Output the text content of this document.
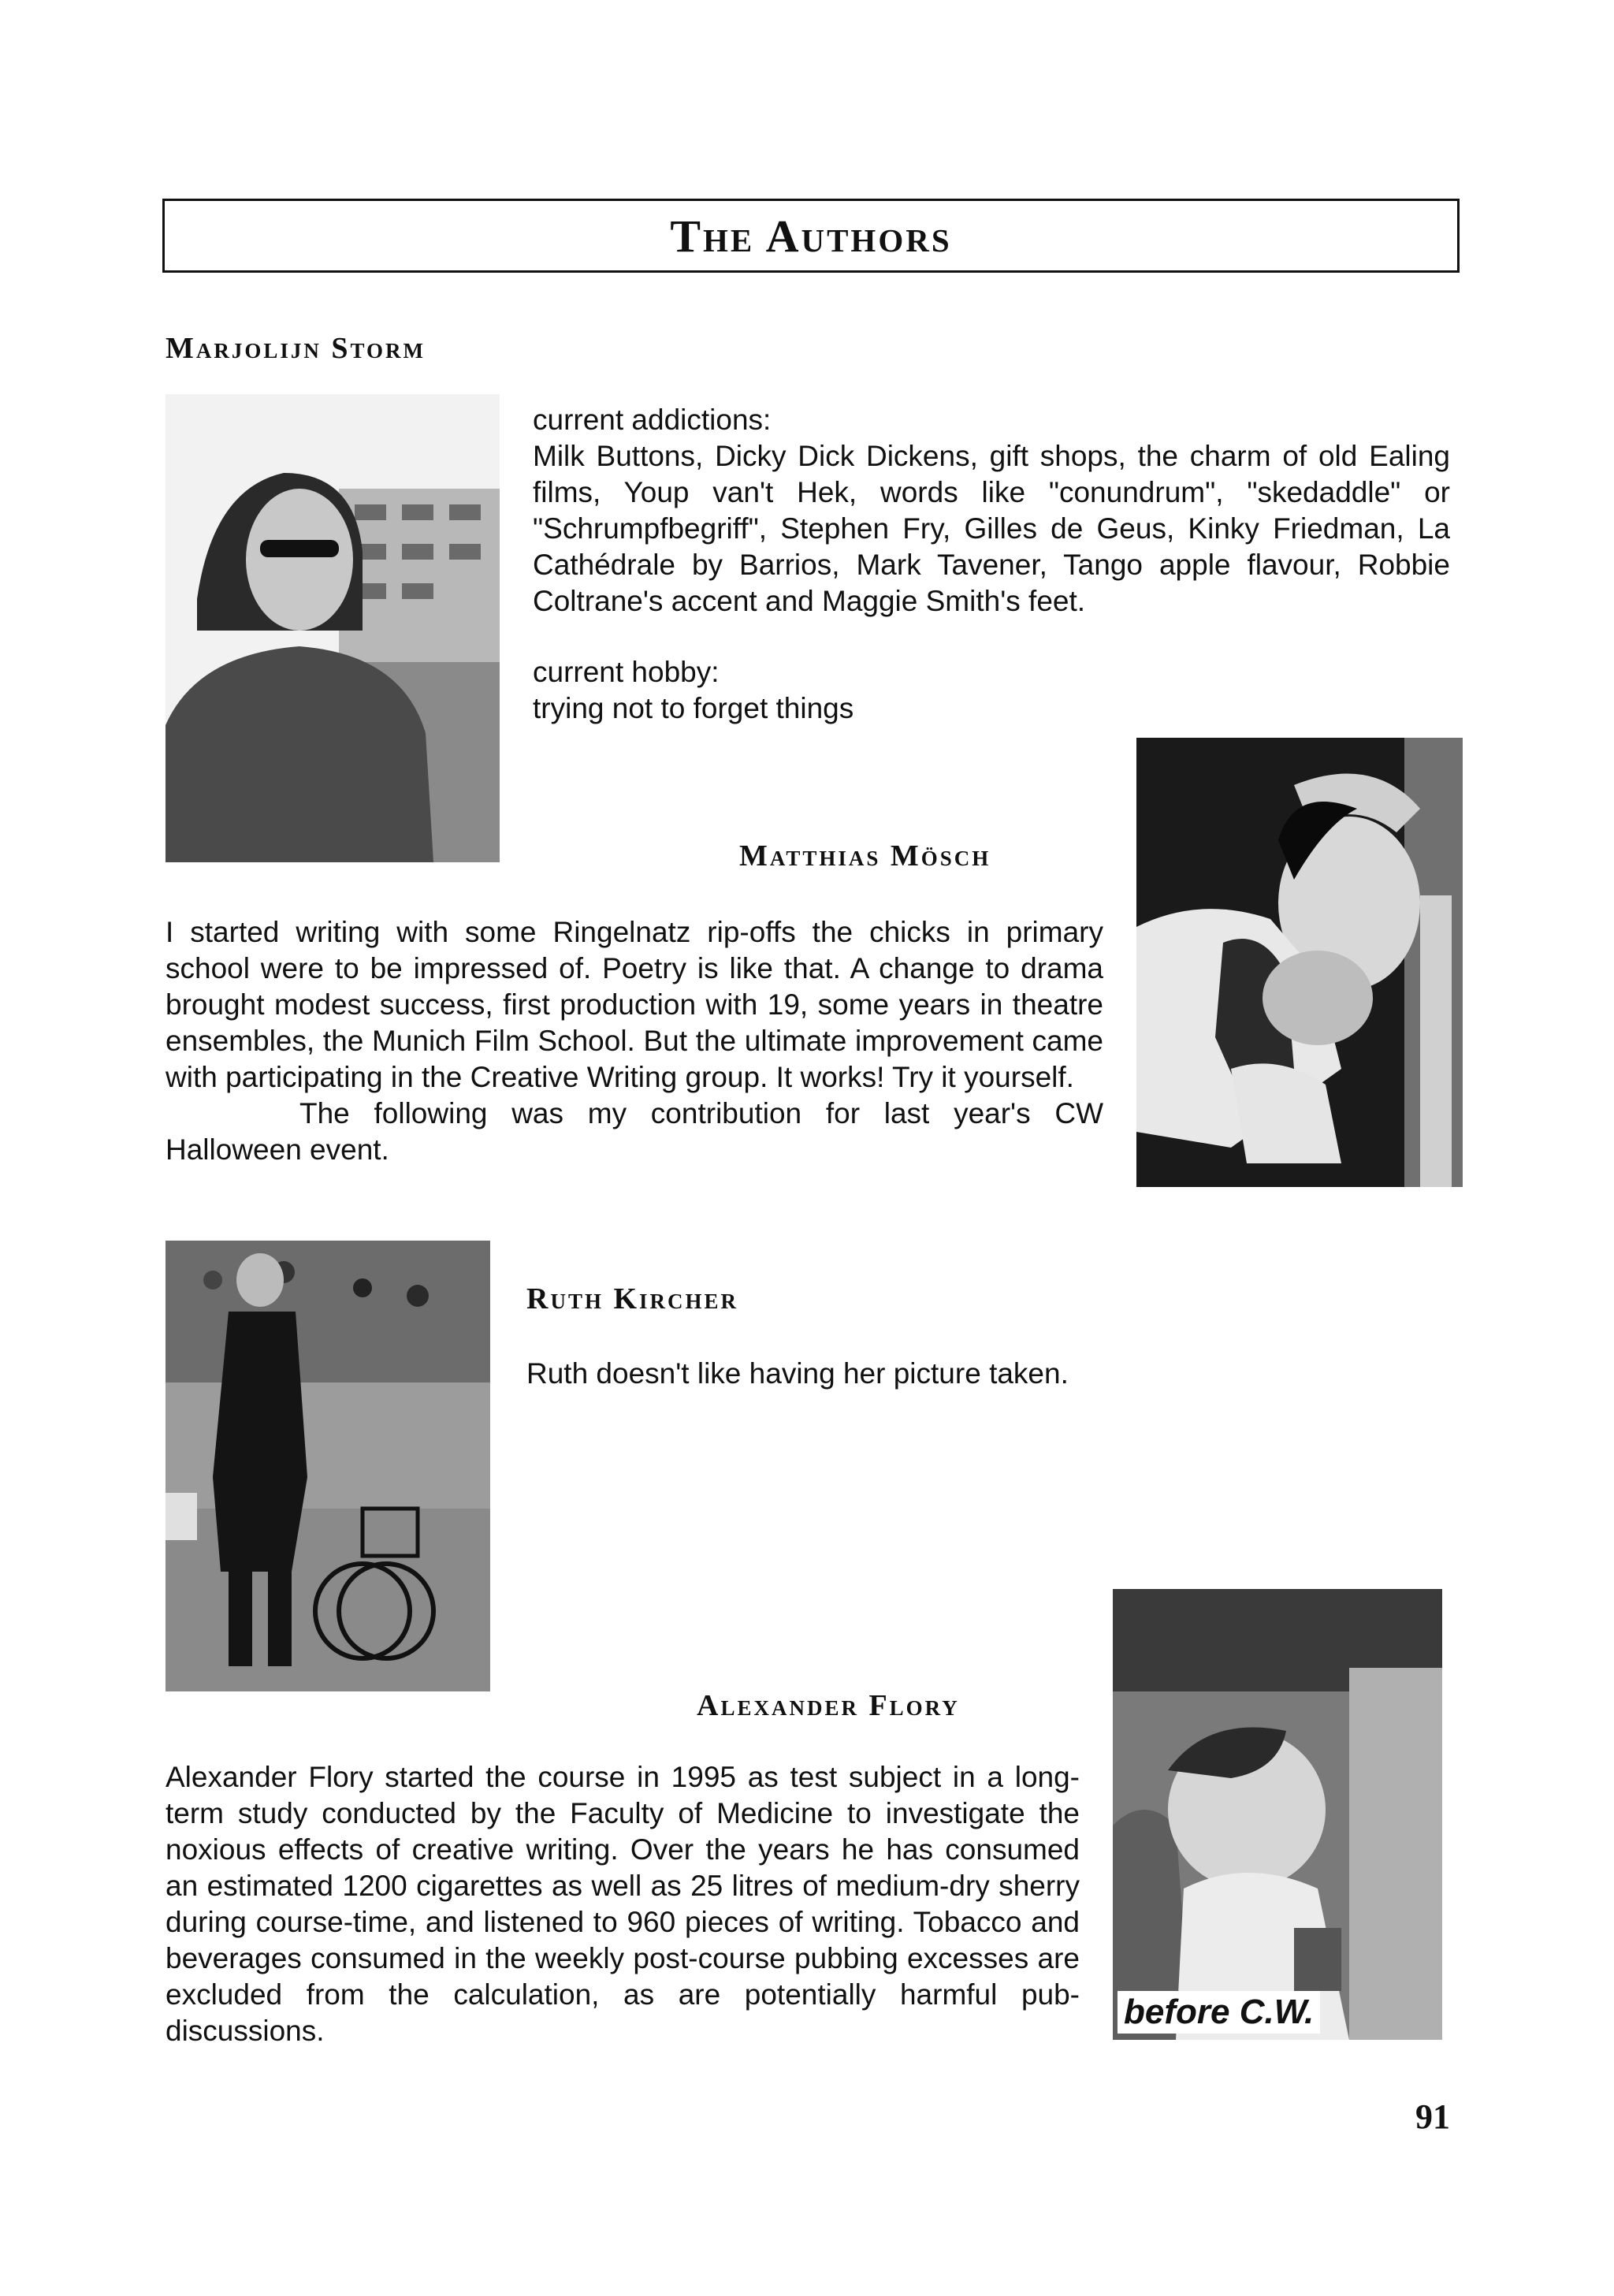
The Authors
Marjolijn Storm

current addictions:

Milk Buttons, Dicky Dick Dickens, gift shops, the charm of old Ealing films, Youp van't Hek, words like "conundrum", "skedaddle" or "Schrumpfbegriff", Stephen Fry, Gilles de Geus, Kinky Friedman, La Cathédrale by Barrios, Mark Tavener, Tango apple flavour, Robbie Coltrane's accent and Maggie Smith's feet.

current hobby:

trying not to forget things

Matthias Mösch

I started writing with some Ringelnatz rip-offs the chicks in primary school were to be impressed of. Poetry is like that. A change to drama brought modest success, first production with 19, some years in theatre ensembles, the Munich Film School. But the ultimate improvement came with participating in the Creative Writing group. It works! Try it yourself.

The following was my contribution for last year's CW Halloween event.

Ruth Kircher

Ruth doesn't like having her picture taken.

before C.W.
Alexander Flory

Alexander Flory started the course in 1995 as test subject in a long-term study conducted by the Faculty of Medicine to investigate the noxious effects of creative writing. Over the years he has consumed an estimated 1200 cigarettes as well as 25 litres of medium-dry sherry during course-time, and listened to 960 pieces of writing. Tobacco and beverages consumed in the weekly post-course pubbing excesses are excluded from the calculation, as are potentially harmful pub-discussions.

91
